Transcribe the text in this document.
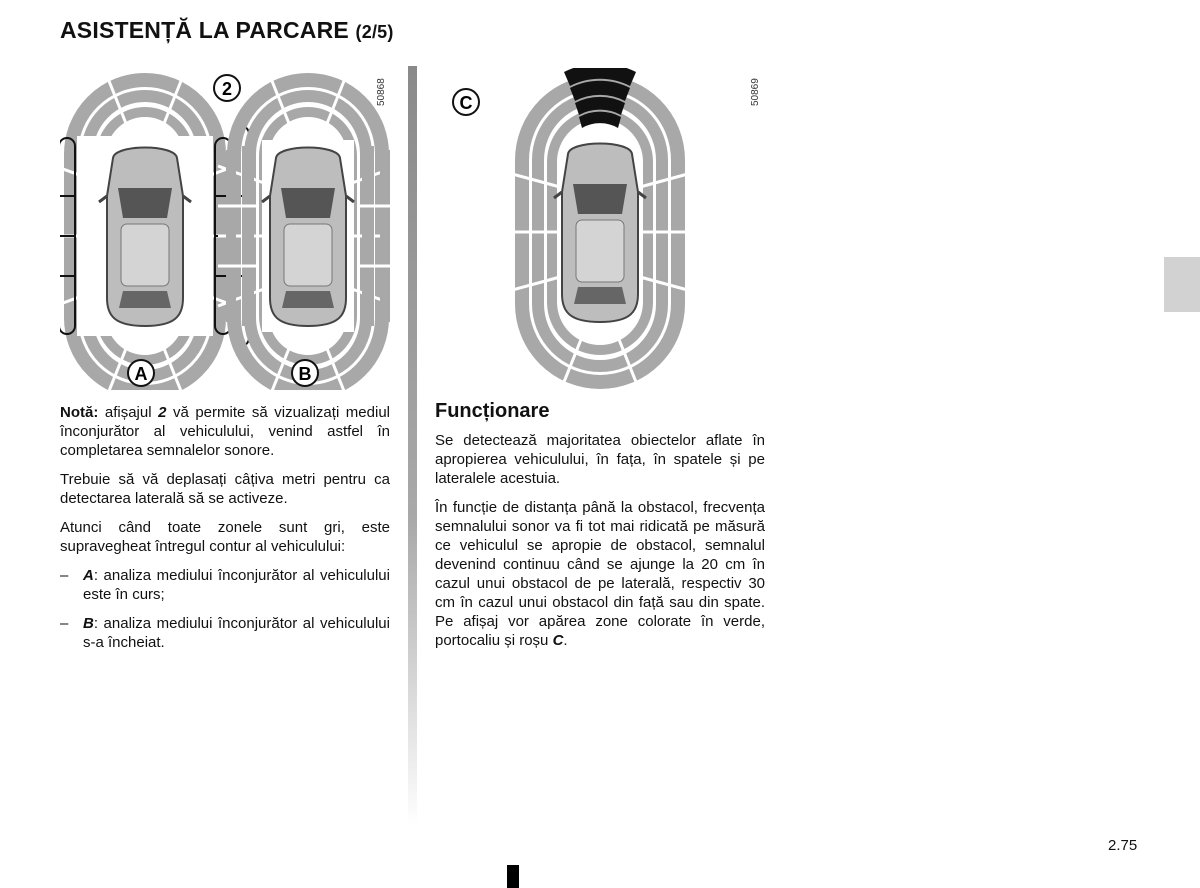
ASISTENȚĂ LA PARCARE (2/5)
2
A	B
50868	C	50869

Notă: afișajul 2 vă permite să vizualizați mediul înconjurător al vehiculului, venind astfel în completarea semnalelor sonore.

Trebuie să vă deplasați câțiva metri pentru ca detectarea laterală să se activeze.

Atunci când toate zonele sunt gri, este supravegheat întregul contur al vehiculului:

– A: analiza mediului înconjurător al vehiculului este în curs;

– B: analiza mediului înconjurător al vehiculului s-a încheiat.

Funcționare

Se detectează majoritatea obiectelor aflate în apropierea vehiculului, în fața, în spatele și pe lateralele acestuia.

În funcție de distanța până la obstacol, frecvența semnalului sonor va fi tot mai ridicată pe măsură ce vehiculul se apropie de obstacol, semnalul devenind continuu când se ajunge la 20 cm în cazul unui obstacol de pe laterală, respectiv 30 cm în cazul unui obstacol din față sau din spate. Pe afișaj vor apărea zone colorate în verde, portocaliu și roșu C.

2.75
